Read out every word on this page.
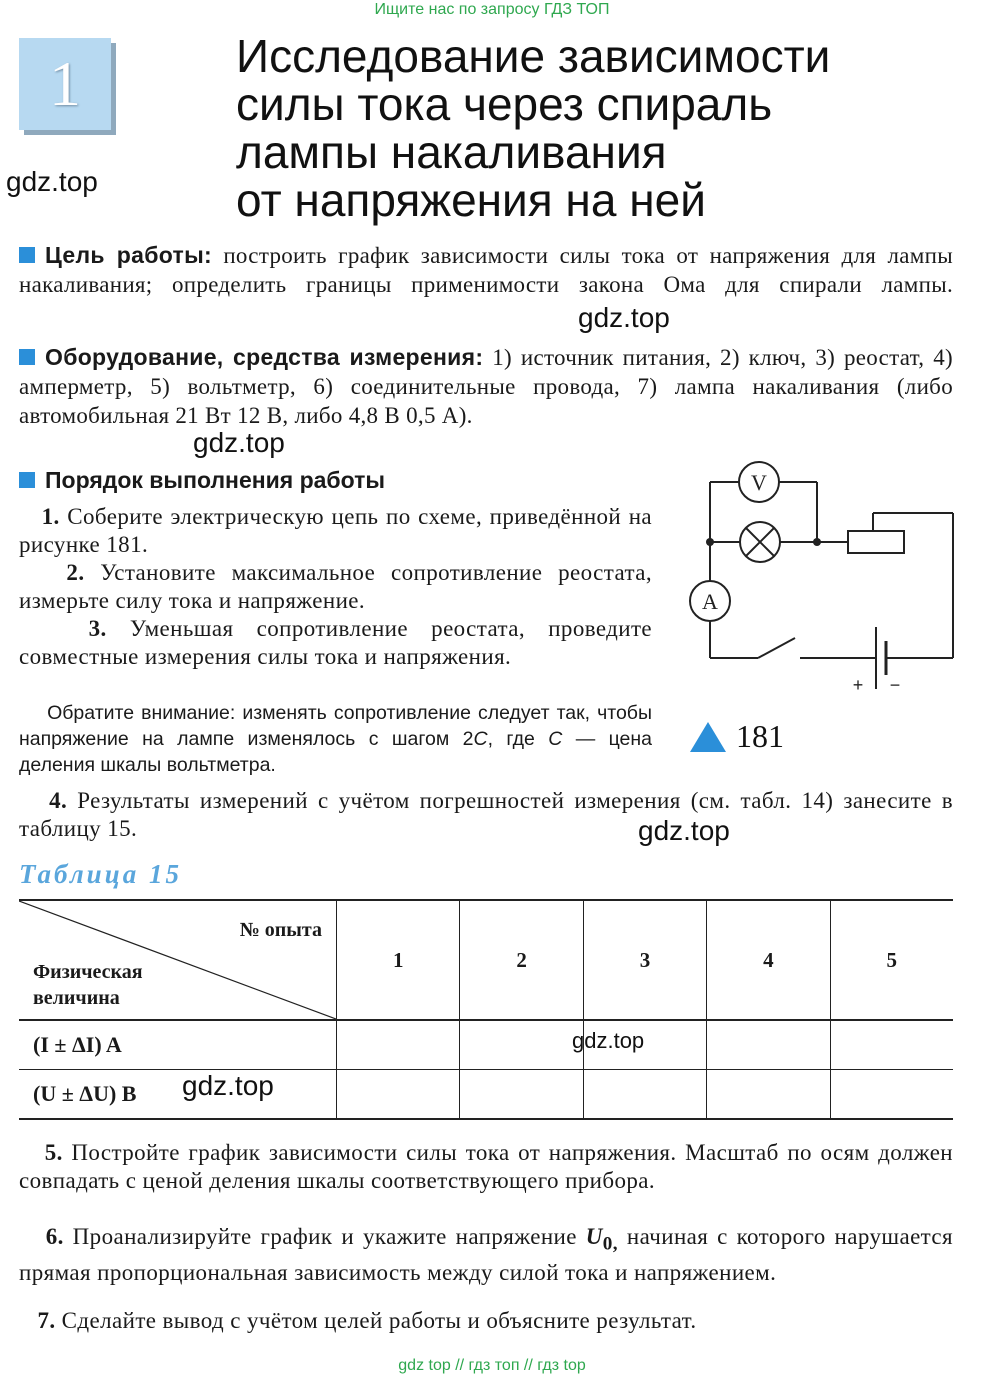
Ищите нас по запросу ГДЗ ТОП
1	Исследование зависимости
силы тока через спираль
лампы накаливания
от напряжения на ней
gdz.top
Цель работы: построить график зависимости силы тока от напряжения для лампы накаливания; определить границы применимости закона Ома для спирали лампы.
gdz.top
Оборудование, средства измерения: 1) источник питания, 2) ключ, 3) реостат, 4) амперметр, 5) вольтметр, 6) соединительные провода, 7) лампа накаливания (либо автомобильная 21 Вт 12 В, либо 4,8 В 0,5 А).
gdz.top
Порядок выполнения работы
1. Соберите электрическую цепь по схеме, приведённой на рисунке 181.
2. Установите максимальное сопротивление реостата, измерьте силу тока и напряжение.
3. Уменьшая сопротивление реостата, проведите совместные измерения силы тока и напряжения.
Обратите внимание: изменять сопротивление следует так, чтобы напряжение на лампе изменялось с шагом 2C, где C — цена деления шкалы вольтметра.
V
A
+ −
181
4. Результаты измерений с учётом погрешностей измерения (см. табл. 14) занесите в таблицу 15.	gdz.top
Таблица 15
№ опыта
Физическая
величина	1	2	3	4	5
(I ± ΔI) A					
(U ± ΔU) B					
gdz.top
gdz.top
5. Постройте график зависимости силы тока от напряжения. Масштаб по осям должен совпадать с ценой деления шкалы соответствующего прибора.
6. Проанализируйте график и укажите напряжение $U_{0,}$ начиная с которого нарушается прямая пропорциональная зависимость между силой тока и напряжением.
7. Сделайте вывод с учётом целей работы и объясните результат.
gdz top // гдз топ // гдз top
